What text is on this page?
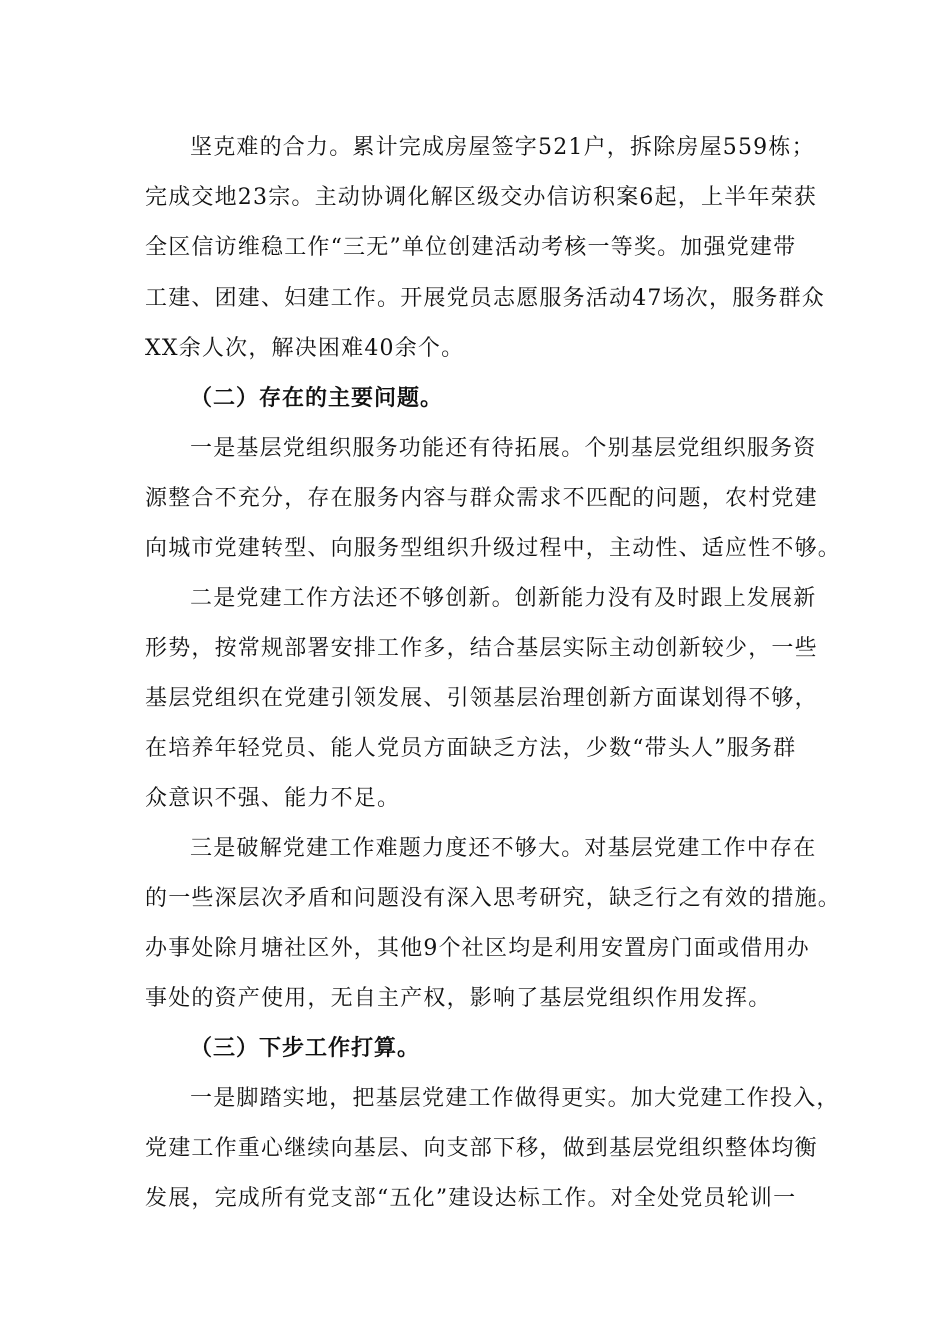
坚克难的合力。累计完成房屋签字521户，拆除房屋559栋；
完成交地23宗。主动协调化解区级交办信访积案6起，上半年荣获
全区信访维稳工作“三无”单位创建活动考核一等奖。加强党建带
工建、团建、妇建工作。开展党员志愿服务活动47场次，服务群众
XX余人次，解决困难40余个。
（二）存在的主要问题。
一是基层党组织服务功能还有待拓展。个别基层党组织服务资
源整合不充分，存在服务内容与群众需求不匹配的问题，农村党建
向城市党建转型、向服务型组织升级过程中，主动性、适应性不够。
二是党建工作方法还不够创新。创新能力没有及时跟上发展新
形势，按常规部署安排工作多，结合基层实际主动创新较少，一些
基层党组织在党建引领发展、引领基层治理创新方面谋划得不够，
在培养年轻党员、能人党员方面缺乏方法，少数“带头人”服务群
众意识不强、能力不足。
三是破解党建工作难题力度还不够大。对基层党建工作中存在
的一些深层次矛盾和问题没有深入思考研究，缺乏行之有效的措施。
办事处除月塘社区外，其他9个社区均是利用安置房门面或借用办
事处的资产使用，无自主产权，影响了基层党组织作用发挥。
（三）下步工作打算。
一是脚踏实地，把基层党建工作做得更实。加大党建工作投入，
党建工作重心继续向基层、向支部下移，做到基层党组织整体均衡
发展，完成所有党支部“五化”建设达标工作。对全处党员轮训一
